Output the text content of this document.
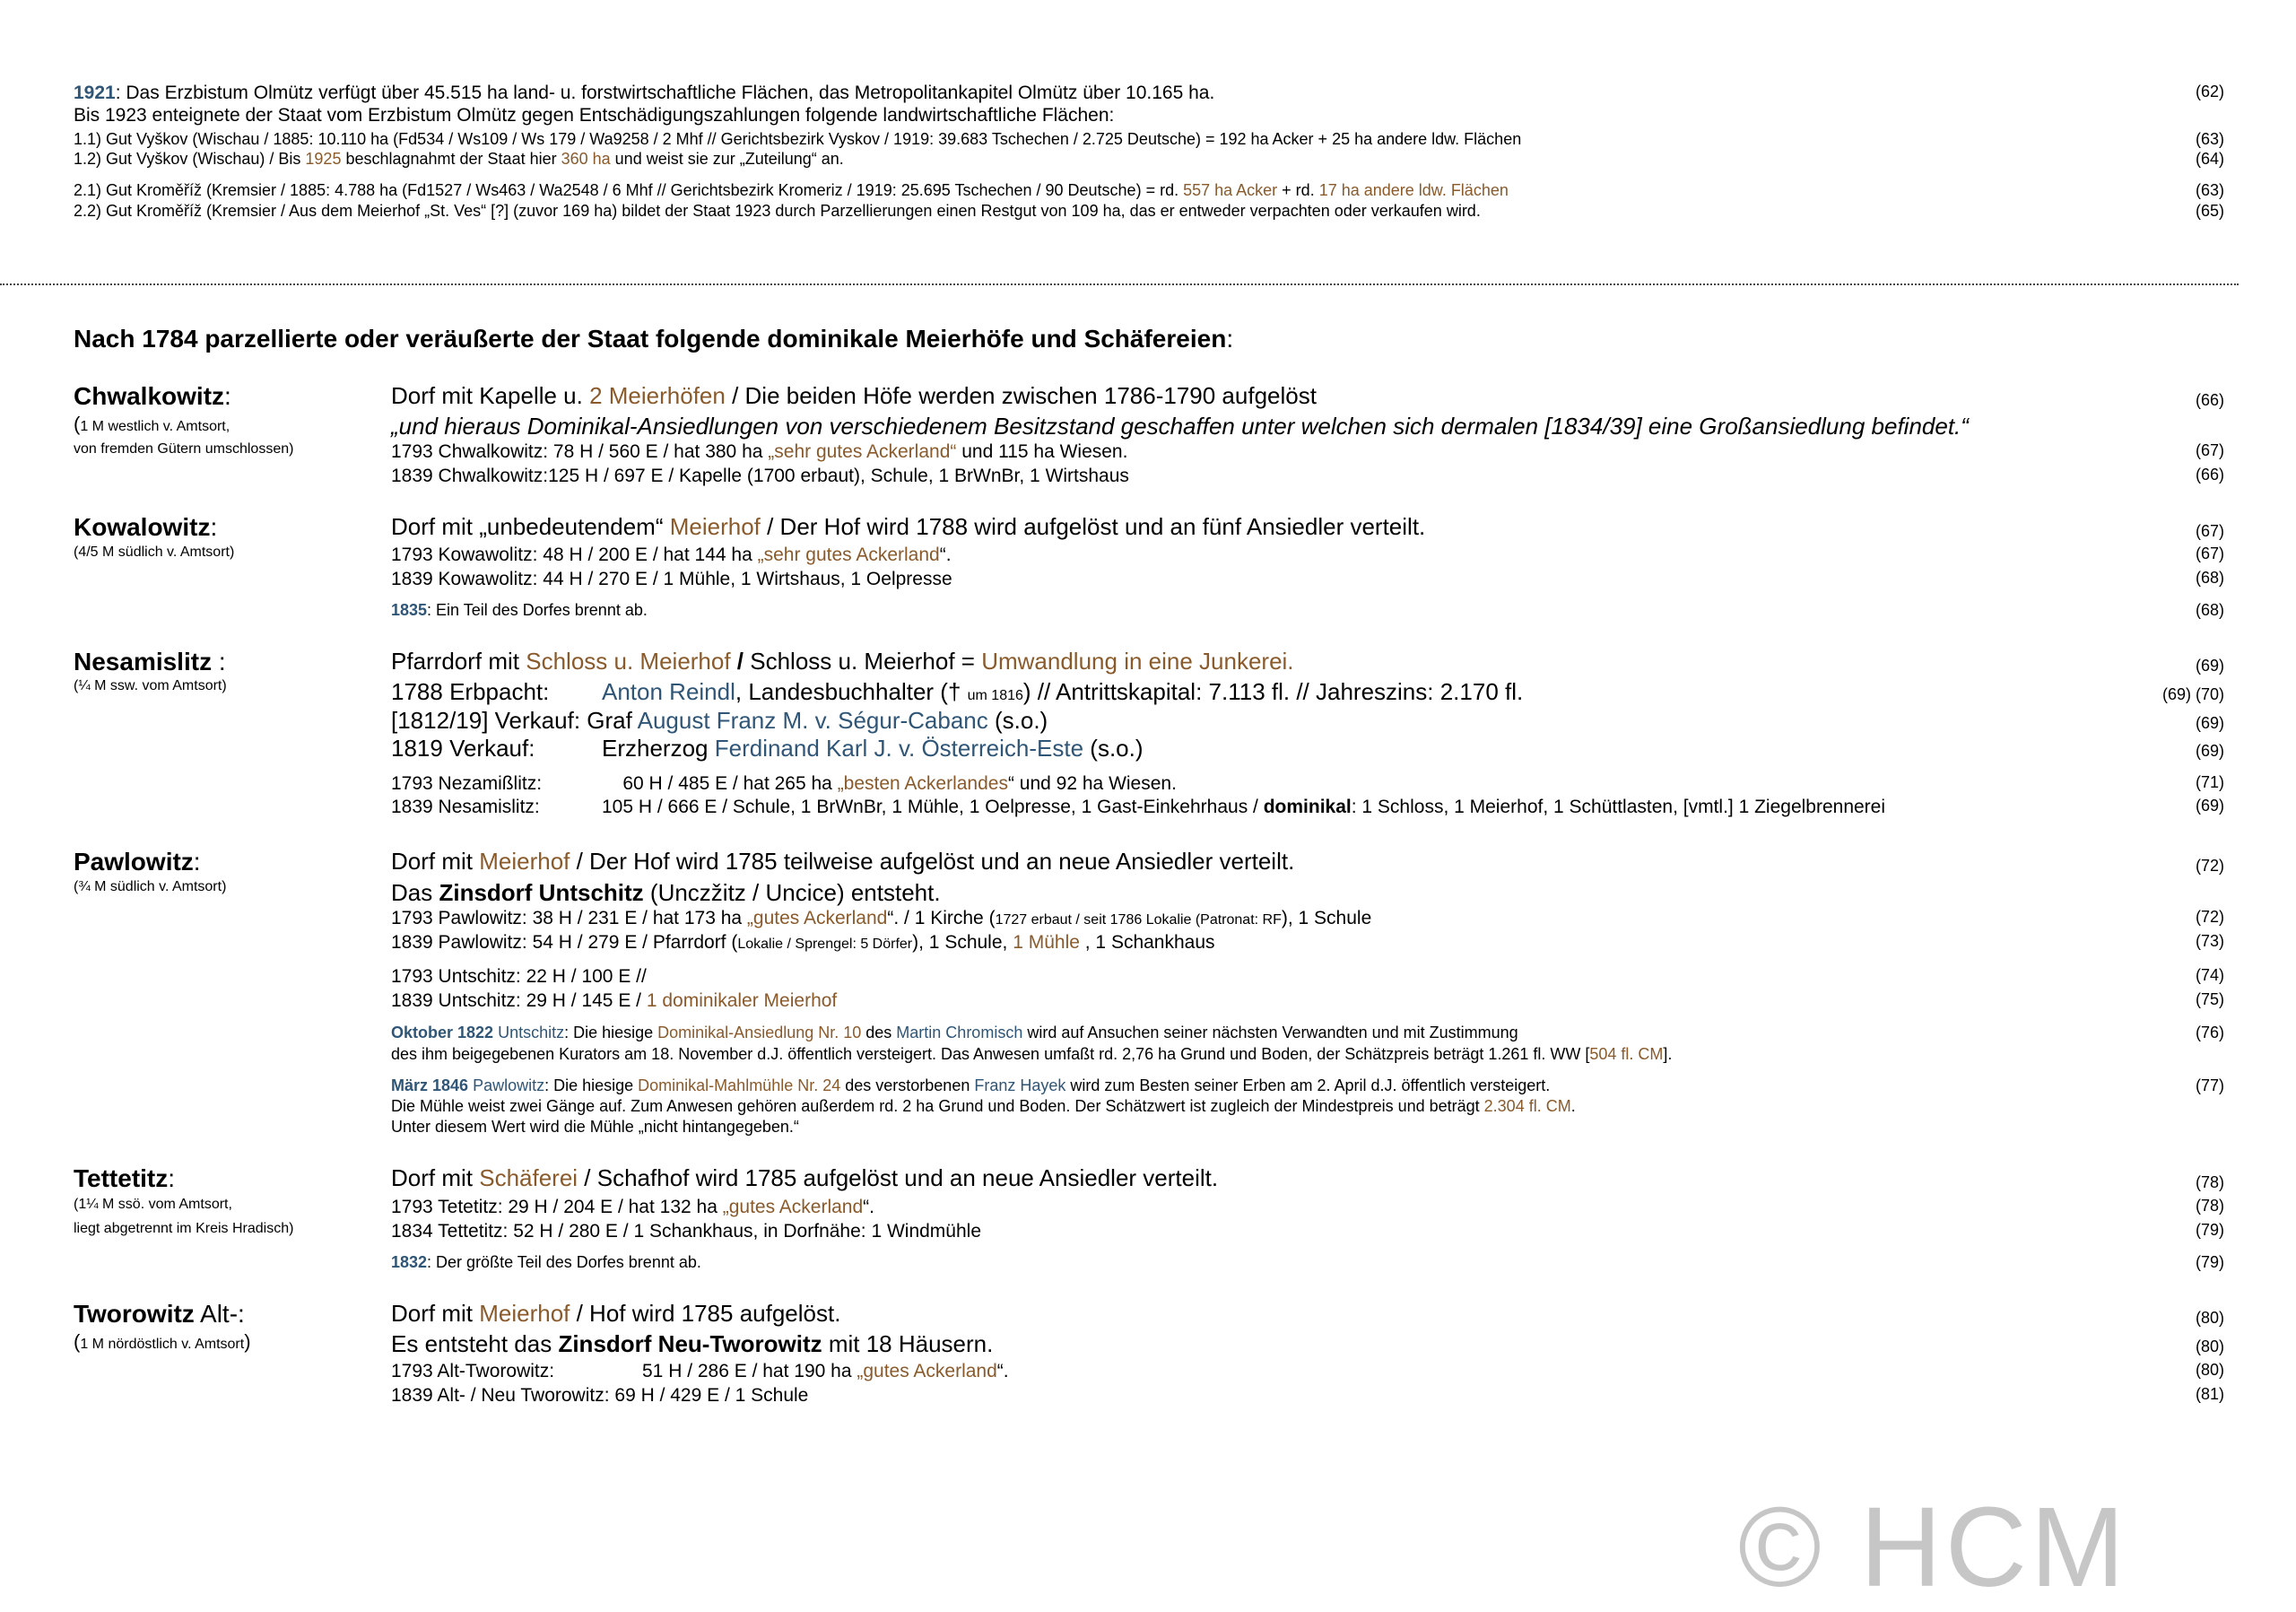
1921: Das Erzbistum Olmütz verfügt über 45.515 ha land- u. forstwirtschaftliche Flächen, das Metropolitankapitel Olmütz über 10.165 ha.	(62)
Bis 1923 enteignete der Staat vom Erzbistum Olmütz gegen Entschädigungszahlungen folgende landwirtschaftliche Flächen:
1.1) Gut Vyškov (Wischau / 1885: 10.110 ha (Fd534 / Ws109 / Ws 179 / Wa9258 / 2 Mhf // Gerichtsbezirk Vyskov / 1919: 39.683 Tschechen / 2.725 Deutsche) = 192 ha Acker + 25 ha andere ldw. Flächen	(63)
1.2) Gut Vyškov (Wischau) / Bis 1925 beschlagnahmt der Staat hier 360 ha und weist sie zur „Zuteilung“ an.	(64)
2.1) Gut Kroměříž (Kremsier / 1885: 4.788 ha (Fd1527 / Ws463 / Wa2548 / 6 Mhf // Gerichtsbezirk Kromeriz / 1919: 25.695 Tschechen / 90 Deutsche) = rd. 557 ha Acker + rd. 17 ha andere ldw. Flächen	(63)
2.2) Gut Kroměříž (Kremsier / Aus dem Meierhof „St. Ves“ [?] (zuvor 169 ha) bildet der Staat 1923 durch Parzellierungen einen Restgut von 109 ha, das er entweder verpachten oder verkaufen wird.	(65)
Nach 1784 parzellierte oder veräußerte der Staat folgende dominikale Meierhöfe und Schäfereien:
Chwalkowitz:	Dorf mit Kapelle u. 2 Meierhöfen / Die beiden Höfe werden zwischen 1786-1790 aufgelöst	(66)
(1 M westlich v. Amtsort,	„und hieraus Dominikal-Ansiedlungen von verschiedenem Besitzstand geschaffen unter welchen sich dermalen [1834/39] eine Großansiedlung befindet.“
von fremden Gütern umschlossen)	1793 Chwalkowitz: 78 H / 560 E / hat 380 ha „sehr gutes Ackerland“ und 115 ha Wiesen.	(67)
1839 Chwalkowitz:125 H / 697 E / Kapelle (1700 erbaut), Schule, 1 BrWnBr, 1 Wirtshaus	(66)
Kowalowitz:	Dorf mit „unbedeutendem“ Meierhof / Der Hof wird 1788 wird aufgelöst und an fünf Ansiedler verteilt.	(67)
(4/5 M südlich v. Amtsort)	1793 Kowawolitz: 48 H / 200 E / hat 144 ha „sehr gutes Ackerland“.	(67)
1839 Kowawolitz: 44 H / 270 E / 1 Mühle, 1 Wirtshaus, 1 Oelpresse	(68)
1835: Ein Teil des Dorfes brennt ab.	(68)
Nesamislitz :	Pfarrdorf mit Schloss u. Meierhof / Schloss u. Meierhof = Umwandlung in eine Junkerei.	(69)
(¼ M ssw. vom Amtsort)	1788 Erbpacht: Anton Reindl, Landesbuchhalter († um 1816) // Antrittskapital: 7.113 fl. // Jahreszins: 2.170 fl.	(69) (70)
[1812/19] Verkauf: Graf August Franz M. v. Ségur-Cabanc (s.o.)	(69)
1819 Verkauf:	Erzherzog Ferdinand Karl J. v. Österreich-Este (s.o.)	(69)
1793 Nezamißlitz:	60 H / 485 E / hat 265 ha „besten Ackerlandes“ und 92 ha Wiesen.	(71)
1839 Nesamislitz:	105 H / 666 E / Schule, 1 BrWnBr, 1 Mühle, 1 Oelpresse, 1 Gast-Einkehrhaus / dominikal: 1 Schloss, 1 Meierhof, 1 Schüttlasten, [vmtl.] 1 Ziegelbrennerei	(69)
Pawlowitz:	Dorf mit Meierhof / Der Hof wird 1785 teilweise aufgelöst und an neue Ansiedler verteilt.	(72)
(¾ M südlich v. Amtsort)	Das Zinsdorf Untschitz (Unczžitz / Uncice) entsteht.
1793 Pawlowitz: 38 H / 231 E / hat 173 ha „gutes Ackerland“. / 1 Kirche (1727 erbaut / seit 1786 Lokalie (Patronat: RF), 1 Schule	(72)
1839 Pawlowitz: 54 H / 279 E / Pfarrdorf (Lokalie / Sprengel: 5 Dörfer), 1 Schule, 1 Mühle , 1 Schankhaus	(73)
1793 Untschitz: 22 H / 100 E //	(74)
1839 Untschitz: 29 H / 145 E / 1 dominikaler Meierhof	(75)
Oktober 1822 Untschitz: Die hiesige Dominikal-Ansiedlung Nr. 10 des Martin Chromisch wird auf Ansuchen seiner nächsten Verwandten und mit Zustimmung	(76)
des ihm beigegebenen Kurators am 18. November d.J. öffentlich versteigert. Das Anwesen umfaßt rd. 2,76 ha Grund und Boden, der Schätzpreis beträgt 1.261 fl. WW [504 fl. CM].
März 1846 Pawlowitz: Die hiesige Dominikal-Mahlmühle Nr. 24 des verstorbenen Franz Hayek wird zum Besten seiner Erben am 2. April d.J. öffentlich versteigert.	(77)
Die Mühle weist zwei Gänge auf. Zum Anwesen gehören außerdem rd. 2 ha Grund und Boden. Der Schätzwert ist zugleich der Mindestpreis und beträgt 2.304 fl. CM.
Unter diesem Wert wird die Mühle „nicht hintangegeben.“
Tettetitz:	Dorf mit Schäferei / Schafhof wird 1785 aufgelöst und an neue Ansiedler verteilt.	(78)
(1¼ M ssö. vom Amtsort,	1793 Tetetitz: 29 H / 204 E / hat 132 ha „gutes Ackerland“.	(78)
liegt abgetrennt im Kreis Hradisch)	1834 Tettetitz: 52 H / 280 E / 1 Schankhaus, in Dorfnähe: 1 Windmühle	(79)
1832: Der größte Teil des Dorfes brennt ab.	(79)
Tworowitz Alt-:	Dorf mit Meierhof / Hof wird 1785 aufgelöst.	(80)
(1 M nördöstlich v. Amtsort)	Es entsteht das Zinsdorf Neu-Tworowitz mit 18 Häusern.	(80)
1793 Alt-Tworowitz:	51 H / 286 E / hat 190 ha „gutes Ackerland“.	(80)
1839 Alt- / Neu Tworowitz: 69 H / 429 E / 1 Schule	(81)
© HCM
